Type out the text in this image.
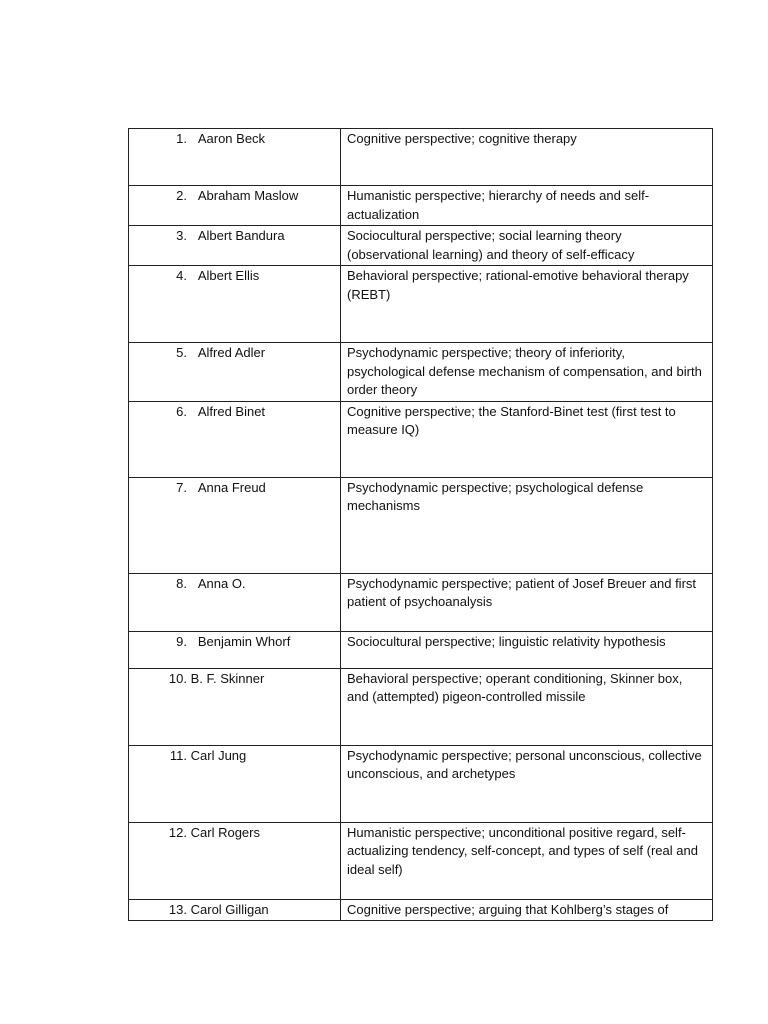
1. Aaron Beck	Cognitive perspective; cognitive therapy

2. Abraham Maslow	Humanistic perspective; hierarchy of needs and self-actualization

3. Albert Bandura	Sociocultural perspective; social learning theory (observational learning) and theory of self-efficacy

4. Albert Ellis	Behavioral perspective; rational-emotive behavioral therapy (REBT)

5. Alfred Adler	Psychodynamic perspective; theory of inferiority, psychological defense mechanism of compensation, and birth order theory

6. Alfred Binet	Cognitive perspective; the Stanford-Binet test (first test to measure IQ)

7. Anna Freud	Psychodynamic perspective; psychological defense mechanisms

8. Anna O.	Psychodynamic perspective; patient of Josef Breuer and first patient of psychoanalysis

9. Benjamin Whorf	Sociocultural perspective; linguistic relativity hypothesis

10. B. F. Skinner	Behavioral perspective; operant conditioning, Skinner box, and (attempted) pigeon-controlled missile

11. Carl Jung	Psychodynamic perspective; personal unconscious, collective unconscious, and archetypes

12. Carl Rogers	Humanistic perspective; unconditional positive regard, self-actualizing tendency, self-concept, and types of self (real and ideal self)

13. Carol Gilligan	Cognitive perspective; arguing that Kohlberg’s stages of
